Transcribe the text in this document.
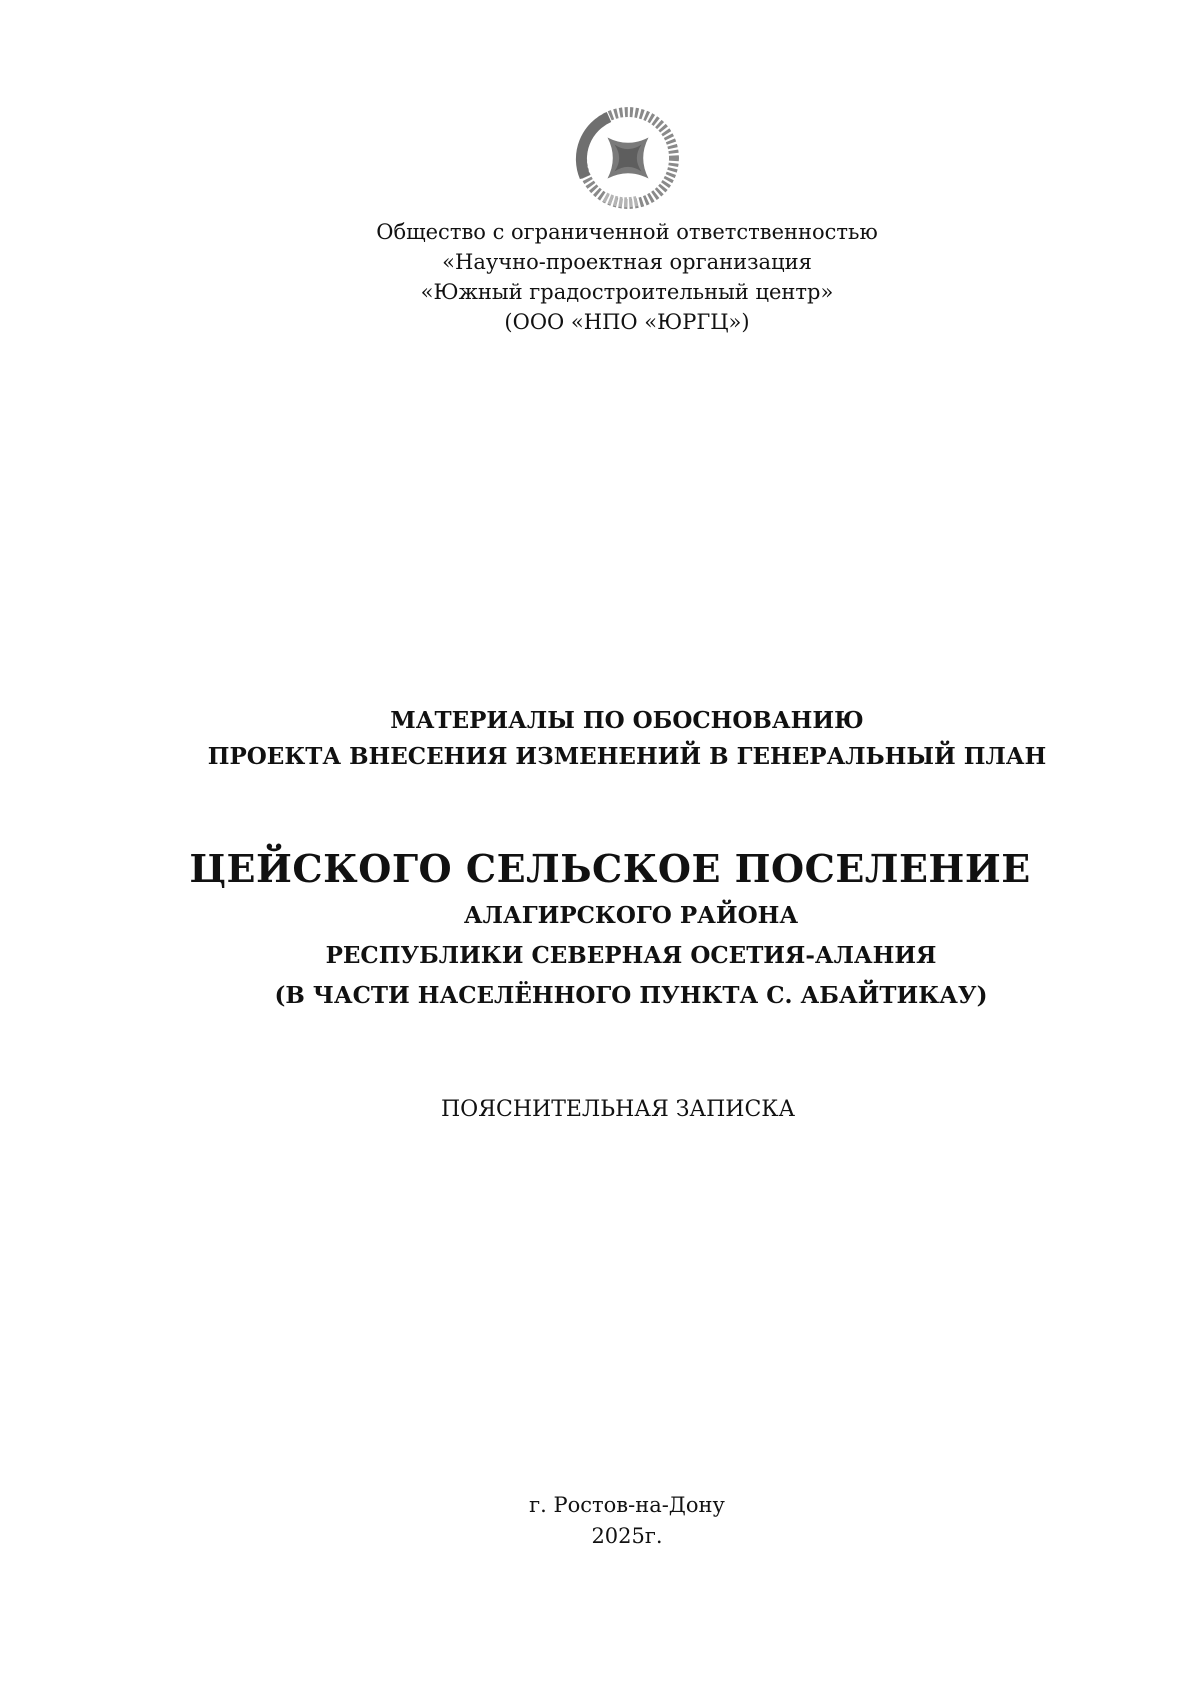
Общество с ограниченной ответственностью
«Научно-проектная организация
«Южный градостроительный центр»
(ООО «НПО «ЮРГЦ»)
МАТЕРИАЛЫ ПО ОБОСНОВАНИЮ
ПРОЕКТА ВНЕСЕНИЯ ИЗМЕНЕНИЙ В ГЕНЕРАЛЬНЫЙ ПЛАН
ЦЕЙСКОГО СЕЛЬСКОЕ ПОСЕЛЕНИЕ
АЛАГИРСКОГО РАЙОНА
РЕСПУБЛИКИ СЕВЕРНАЯ ОСЕТИЯ-АЛАНИЯ
(В ЧАСТИ НАСЕЛЁННОГО ПУНКТА С. АБАЙТИКАУ)
ПОЯСНИТЕЛЬНАЯ ЗАПИСКА
г. Ростов-на-Дону
2025г.
